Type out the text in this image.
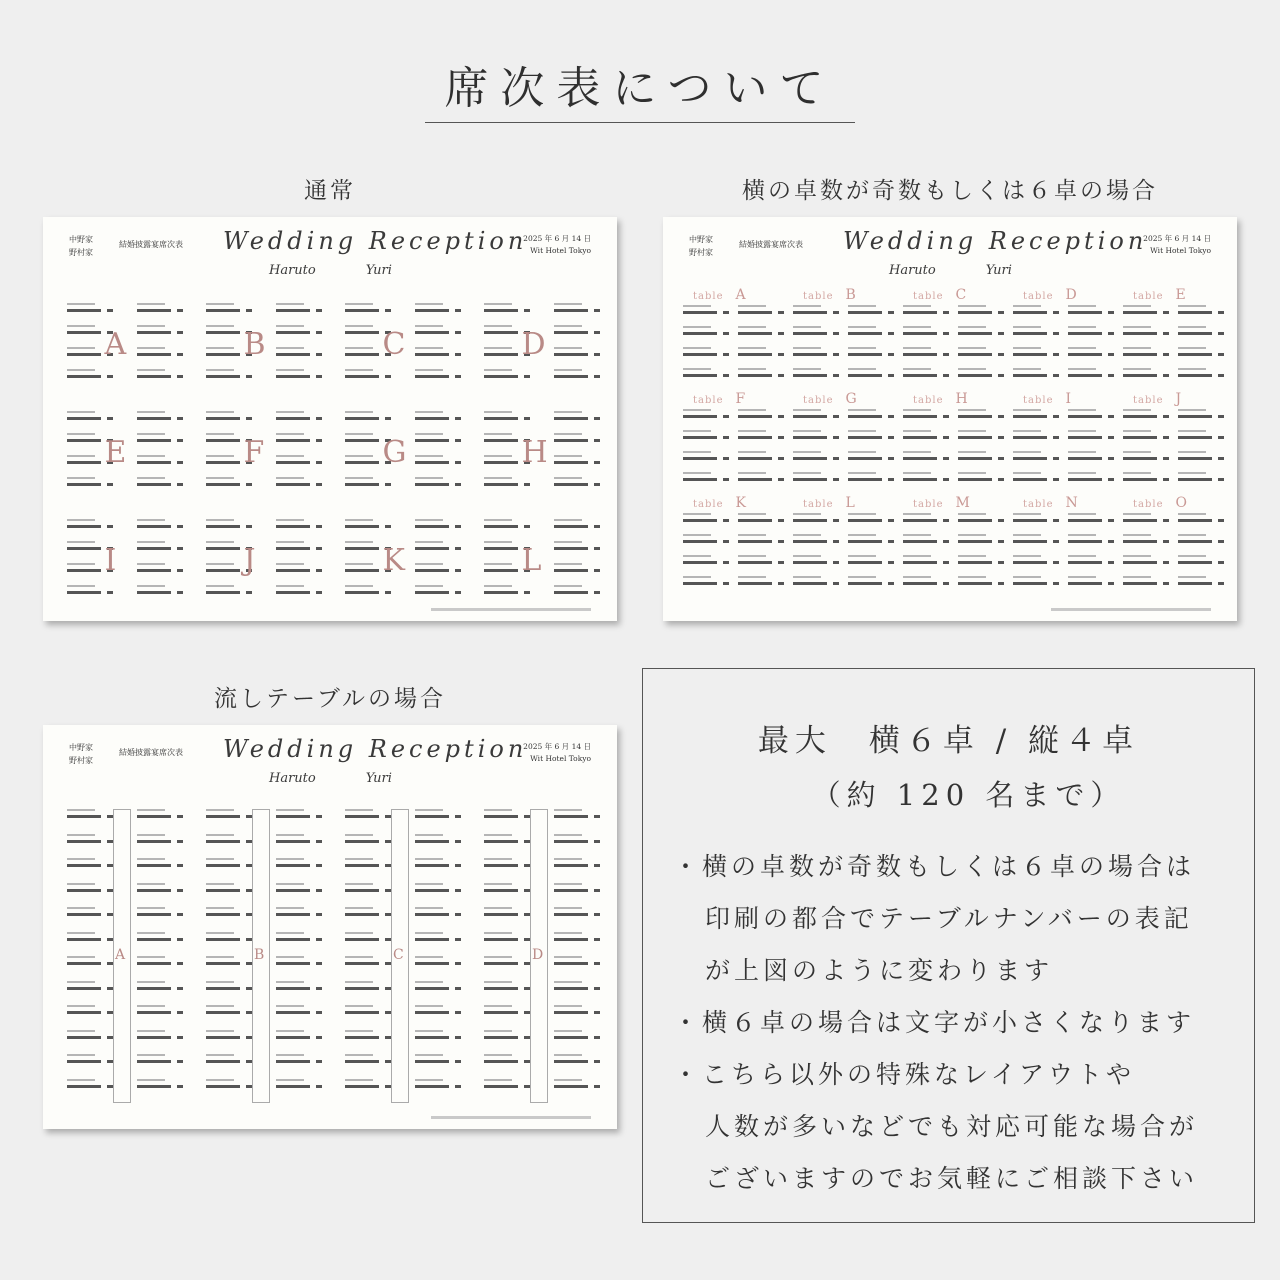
席次表について
通常	横の卓数が奇数もしくは６卓の場合
流しテーブルの場合
中野家
野村家
結婚披露宴席次表 Wedding Reception
Haruto	Yuri
2025 年 6 月 14 日
Wit Hotel Tokyo
A	B	C	D
E	F	G	H
I	J	K	L
中野家
野村家
結婚披露宴席次表 Wedding Reception
Haruto	Yuri
2025 年 6 月 14 日
Wit Hotel Tokyo
table A	table B	table C	table D	table E
table F	table G	table H	table I	table J
table K	table L	table M	table N	table O
中野家
野村家
結婚披露宴席次表 Wedding Reception
Haruto	Yuri
2025 年 6 月 14 日
Wit Hotel Tokyo
A	B	C	D
最大　横６卓 / 縦４卓
（約 120 名まで）
・横の卓数が奇数もしくは６卓の場合は
印刷の都合でテーブルナンバーの表記
が上図のように変わります
・横６卓の場合は文字が小さくなります
・こちら以外の特殊なレイアウトや
人数が多いなどでも対応可能な場合が
ございますのでお気軽にご相談下さい
